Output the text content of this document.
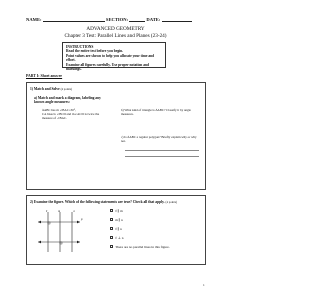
NAME:	SECTION:	DATE:
ADVANCED GEOMETRY
Chapter 3 Test: Parallel Lines and Planes (23-24)
INSTRUCTIONS
Read the entire test before you begin.
Point values are shown to help you allocate your time and effort.
Examine all figures carefully. Use proper notation and markings.
PART I: Short answer
1) Match and Solve (4 points)
a) Match and mark a diagram, labeling any known angle measures:
∆ABC has m ∠BAC=30°,
CA bisects ∠BCD and m∠ACD is twice the
measure of ∠BAC.
b) What kind of triangle is ∆ABC? Classify it by angle measures.
c) Is ∆ABC a regular polygon? Briefly explain why or why not.
2) Examine the figure. Which of the following statements are true? Check all that apply. (4 points)
ℓ	m	n
p
ℓ ∥ m
m ∥ n
ℓ ∥ n
ℓ ⊥ n
There are no parallel lines in this figure.
1
